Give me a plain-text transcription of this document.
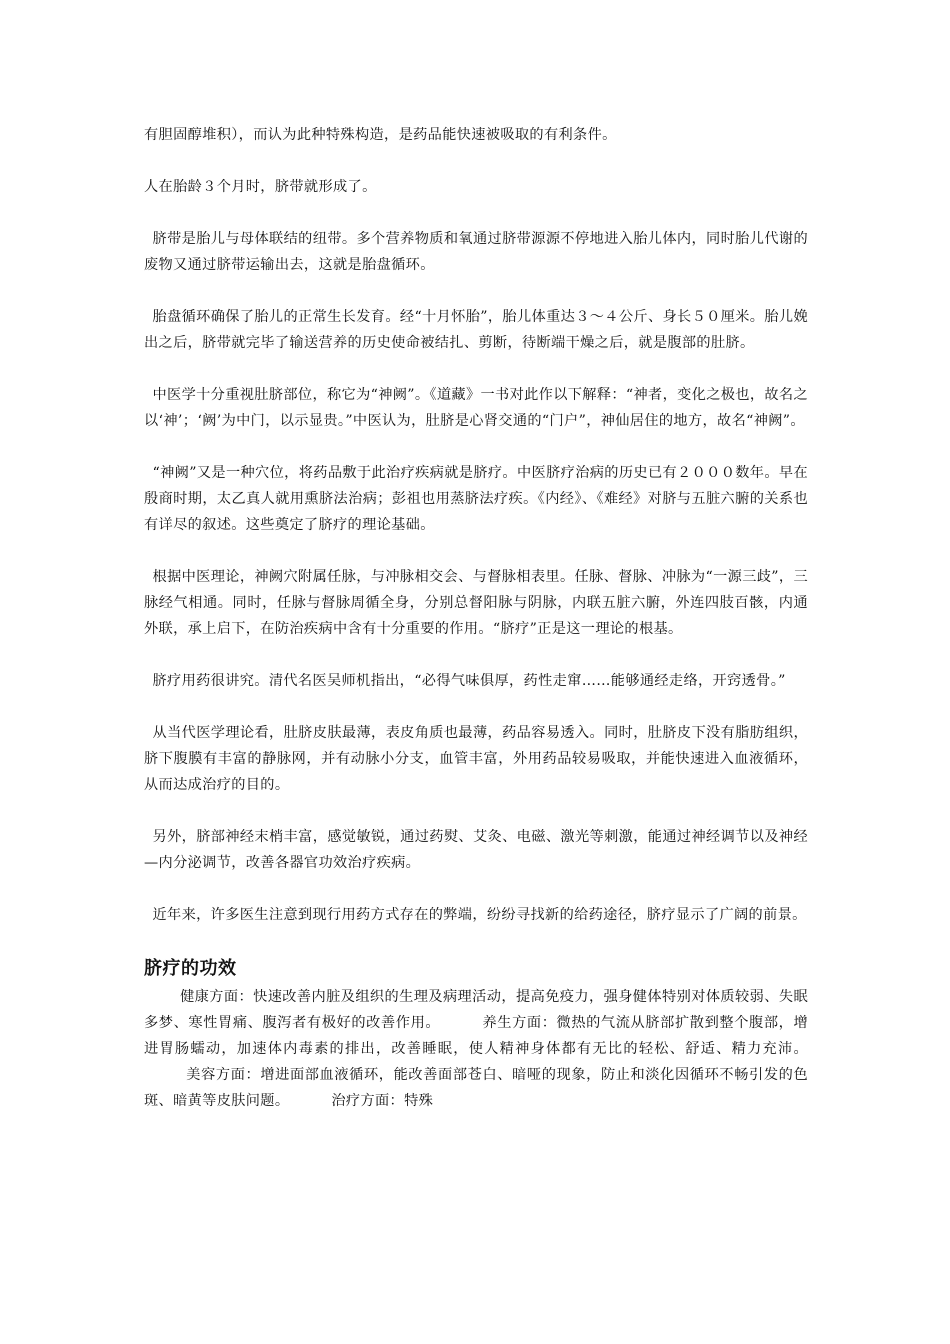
有胆固醇堆积），而认为此种特殊构造，是药品能快速被吸取的有利条件。

人在胎龄３个月时，脐带就形成了。

脐带是胎儿与母体联结的纽带。多个营养物质和氧通过脐带源源不停地进入胎儿体内，同时胎儿代谢的废物又通过脐带运输出去，这就是胎盘循环。

胎盘循环确保了胎儿的正常生长发育。经“十月怀胎”，胎儿体重达３～４公斤、身长５０厘米。胎儿娩出之后，脐带就完毕了输送营养的历史使命被结扎、剪断，待断端干燥之后，就是腹部的肚脐。

中医学十分重视肚脐部位，称它为“神阙”。《道藏》一书对此作以下解释：“神者，变化之极也，故名之以‘神’；‘阙’为中门，以示显贵。”中医认为，肚脐是心肾交通的“门户”，神仙居住的地方，故名“神阙”。

“神阙”又是一种穴位，将药品敷于此治疗疾病就是脐疗。中医脐疗治病的历史已有２０００数年。早在殷商时期，太乙真人就用熏脐法治病；彭祖也用蒸脐法疗疾。《内经》、《难经》对脐与五脏六腑的关系也有详尽的叙述。这些奠定了脐疗的理论基础。

根据中医理论，神阙穴附属任脉，与冲脉相交会、与督脉相表里。任脉、督脉、冲脉为“一源三歧”，三脉经气相通。同时，任脉与督脉周循全身，分别总督阳脉与阴脉，内联五脏六腑，外连四肢百骸，内通外联，承上启下，在防治疾病中含有十分重要的作用。“脐疗”正是这一理论的根基。

脐疗用药很讲究。清代名医吴师机指出，“必得气味俱厚，药性走窜……能够通经走络，开窍透骨。”

从当代医学理论看，肚脐皮肤最薄，表皮角质也最薄，药品容易透入。同时，肚脐皮下没有脂肪组织，脐下腹膜有丰富的静脉网，并有动脉小分支，血管丰富，外用药品较易吸取，并能快速进入血液循环，从而达成治疗的目的。

另外，脐部神经末梢丰富，感觉敏锐，通过药熨、艾灸、电磁、激光等刺激，能通过神经调节以及神经—内分泌调节，改善各器官功效治疗疾病。

近年来，许多医生注意到现行用药方式存在的弊端，纷纷寻找新的给药途径，脐疗显示了广阔的前景。

脐疗的功效
健康方面：快速改善内脏及组织的生理及病理活动，提高免疫力，强身健体特别对体质较弱、失眠多梦、寒性胃痛、腹泻者有极好的改善作用。	养生方面：微热的气流从脐部扩散到整个腹部，增进胃肠蠕动，加速体内毒素的排出，改善睡眠，使人精神身体都有无比的轻松、舒适、精力充沛。美容方面：增进面部血液循环，能改善面部苍白、暗哑的现象，防止和淡化因循环不畅引发的色斑、暗黄等皮肤问题。	治疗方面：特殊
